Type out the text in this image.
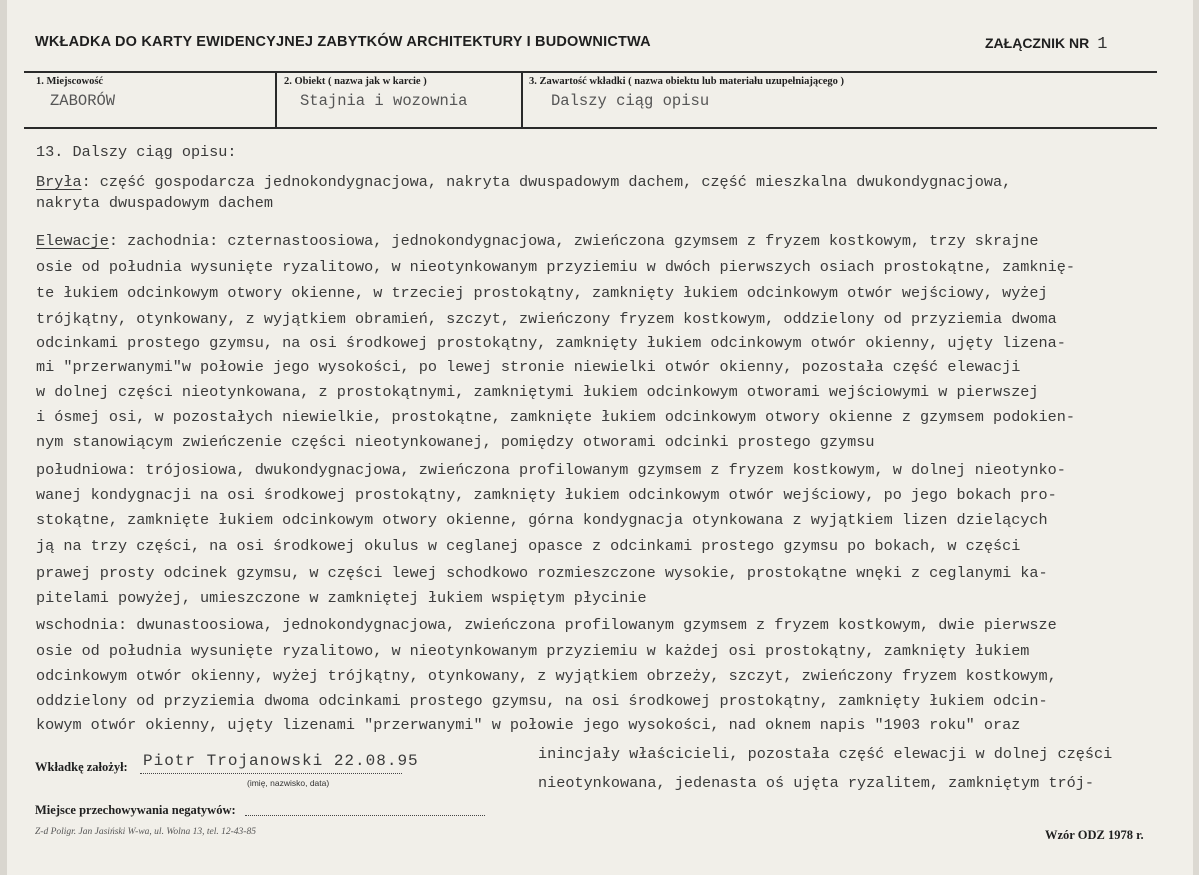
WKŁADKA DO KARTY EWIDENCYJNEJ ZABYTKÓW ARCHITEKTURY I BUDOWNICTWA	ZAŁĄCZNIK NR 1
1. Miejscowość
ZABORÓW
2. Obiekt ( nazwa jak w karcie )
Stajnia i wozownia
3. Zawartość wkładki ( nazwa obiektu lub materiału uzupełniającego )
Dalszy ciąg opisu
13. Dalszy ciąg opisu:
Bryła: część gospodarcza jednokondygnacjowa, nakryta dwuspadowym dachem, część mieszkalna dwukondygnacjowa,
nakryta dwuspadowym dachem
Elewacje: zachodnia: czternastoosiowa, jednokondygnacjowa, zwieńczona gzymsem z fryzem kostkowym, trzy skrajne
osie od południa wysunięte ryzalitowo, w nieotynkowanym przyziemiu w dwóch pierwszych osiach prostokątne, zamknię-
te łukiem odcinkowym otwory okienne, w trzeciej prostokątny, zamknięty łukiem odcinkowym otwór wejściowy, wyżej
trójkątny, otynkowany, z wyjątkiem obramień, szczyt, zwieńczony fryzem kostkowym, oddzielony od przyziemia dwoma
odcinkami prostego gzymsu, na osi środkowej prostokątny, zamknięty łukiem odcinkowym otwór okienny, ujęty lizena-
mi "przerwanymi"w połowie jego wysokości, po lewej stronie niewielki otwór okienny, pozostała część elewacji
w dolnej części nieotynkowana, z prostokątnymi, zamkniętymi łukiem odcinkowym otworami wejściowymi w pierwszej
i ósmej osi, w pozostałych niewielkie, prostokątne, zamknięte łukiem odcinkowym otwory okienne z gzymsem podokien-
nym stanowiącym zwieńczenie części nieotynkowanej, pomiędzy otworami odcinki prostego gzymsu
południowa: trójosiowa, dwukondygnacjowa, zwieńczona profilowanym gzymsem z fryzem kostkowym, w dolnej nieotynko-
wanej kondygnacji na osi środkowej prostokątny, zamknięty łukiem odcinkowym otwór wejściowy, po jego bokach pro-
stokątne, zamknięte łukiem odcinkowym otwory okienne, górna kondygnacja otynkowana z wyjątkiem lizen dzielących
ją na trzy części, na osi środkowej okulus w ceglanej opasce z odcinkami prostego gzymsu po bokach, w części
prawej prosty odcinek gzymsu, w części lewej schodkowo rozmieszczone wysokie, prostokątne wnęki z ceglanymi ka-
pitelami powyżej, umieszczone w zamkniętej łukiem wspiętym płycinie
wschodnia: dwunastoosiowa, jednokondygnacjowa, zwieńczona profilowanym gzymsem z fryzem kostkowym, dwie pierwsze
osie od południa wysunięte ryzalitowo, w nieotynkowanym przyziemiu w każdej osi prostokątny, zamknięty łukiem
odcinkowym otwór okienny, wyżej trójkątny, otynkowany, z wyjątkiem obrzeży, szczyt, zwieńczony fryzem kostkowym,
oddzielony od przyziemia dwoma odcinkami prostego gzymsu, na osi środkowej prostokątny, zamknięty łukiem odcin-
kowym otwór okienny, ujęty lizenami "przerwanymi" w połowie jego wysokości, nad oknem napis "1903 roku" oraz
inincjały właścicieli, pozostała część elewacji w dolnej części
nieotynkowana, jedenasta oś ujęta ryzalitem, zamkniętym trój-
Wkładkę założył: Piotr Trojanowski 22.08.95
(imię, nazwisko, data)
Miejsce przechowywania negatywów:
Z-d Poligr. Jan Jasiński W-wa, ul. Wolna 13, tel. 12-43-85	Wzór ODZ 1978 r.
